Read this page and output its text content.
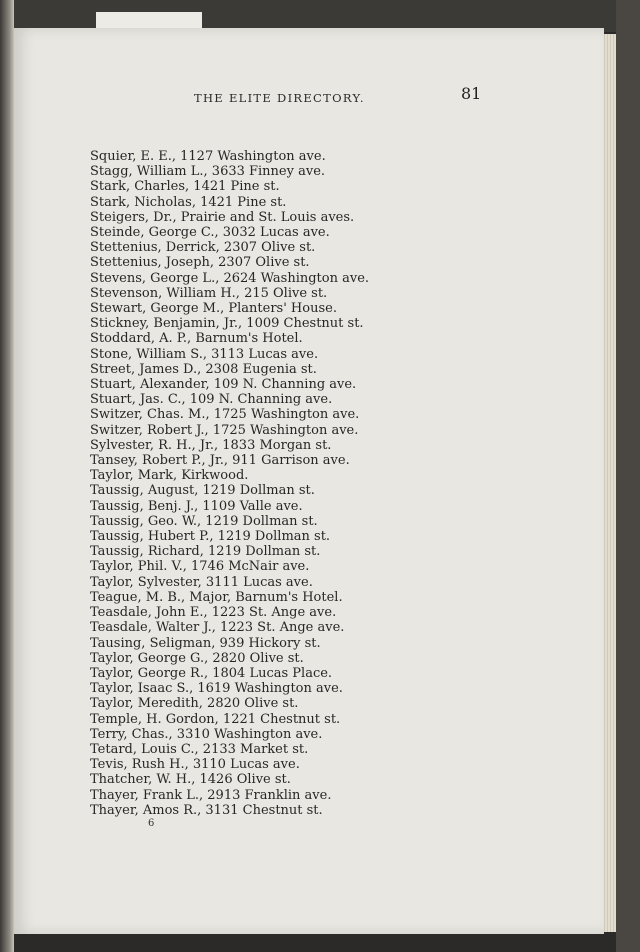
THE ELITE DIRECTORY.	81
Squier, E. E., 1127 Washington ave.
Stagg, William L., 3633 Finney ave.
Stark, Charles, 1421 Pine st.
Stark, Nicholas, 1421 Pine st.
Steigers, Dr., Prairie and St. Louis aves.
Steinde, George C., 3032 Lucas ave.
Stettenius, Derrick, 2307 Olive st.
Stettenius, Joseph, 2307 Olive st.
Stevens, George L., 2624 Washington ave.
Stevenson, William H., 215 Olive st.
Stewart, George M., Planters' House.
Stickney, Benjamin, Jr., 1009 Chestnut st.
Stoddard, A. P., Barnum's Hotel.
Stone, William S., 3113 Lucas ave.
Street, James D., 2308 Eugenia st.
Stuart, Alexander, 109 N. Channing ave.
Stuart, Jas. C., 109 N. Channing ave.
Switzer, Chas. M., 1725 Washington ave.
Switzer, Robert J., 1725 Washington ave.
Sylvester, R. H., Jr., 1833 Morgan st.
Tansey, Robert P., Jr., 911 Garrison ave.
Taylor, Mark, Kirkwood.
Taussig, August, 1219 Dollman st.
Taussig, Benj. J., 1109 Valle ave.
Taussig, Geo. W., 1219 Dollman st.
Taussig, Hubert P., 1219 Dollman st.
Taussig, Richard, 1219 Dollman st.
Taylor, Phil. V., 1746 McNair ave.
Taylor, Sylvester, 3111 Lucas ave.
Teague, M. B., Major, Barnum's Hotel.
Teasdale, John E., 1223 St. Ange ave.
Teasdale, Walter J., 1223 St. Ange ave.
Tausing, Seligman, 939 Hickory st.
Taylor, George G., 2820 Olive st.
Taylor, George R., 1804 Lucas Place.
Taylor, Isaac S., 1619 Washington ave.
Taylor, Meredith, 2820 Olive st.
Temple, H. Gordon, 1221 Chestnut st.
Terry, Chas., 3310 Washington ave.
Tetard, Louis C., 2133 Market st.
Tevis, Rush H., 3110 Lucas ave.
Thatcher, W. H., 1426 Olive st.
Thayer, Frank L., 2913 Franklin ave.
Thayer, Amos R., 3131 Chestnut st.
6
